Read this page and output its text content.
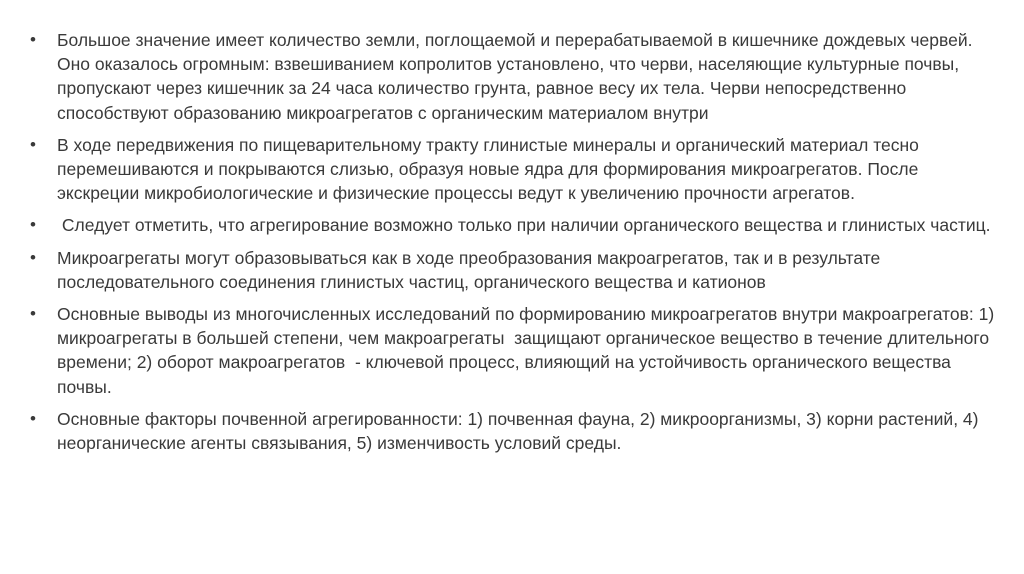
• Большое значение имеет количество земли, поглощаемой и перерабатываемой в кишечнике дождевых червей. Оно оказалось огромным: взвешиванием копролитов установлено, что черви, населяющие культурные почвы, пропускают через кишечник за 24 часа количество грунта, равное весу их тела. Черви непосредственно способствуют образованию микроагрегатов с органическим материалом внутри
• В ходе передвижения по пищеварительному тракту глинистые минералы и органический материал тесно перемешиваются и покрываются слизью, образуя новые ядра для формирования микроагрегатов. После экскреции микробиологические и физические процессы ведут к увеличению прочности агрегатов.
• Следует отметить, что агрегирование возможно только при наличии органического вещества и глинистых частиц.
• Микроагрегаты могут образовываться как в ходе преобразования макроагрегатов, так и в результате последовательного соединения глинистых частиц, органического вещества и катионов
• Основные выводы из многочисленных исследований по формированию микроагрегатов внутри макроагрегатов: 1) микроагрегаты в большей степени, чем макроагрегаты  защищают органическое вещество в течение длительного времени; 2) оборот макроагрегатов  - ключевой процесс, влияющий на устойчивость органического вещества почвы.
• Основные факторы почвенной агрегированности: 1) почвенная фауна, 2) микроорганизмы, 3) корни растений, 4) неорганические агенты связывания, 5) изменчивость условий среды.
